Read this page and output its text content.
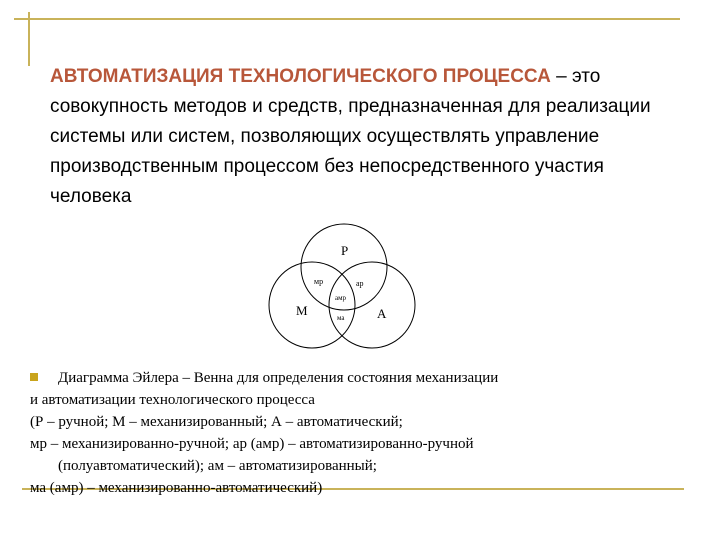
АВТОМАТИЗАЦИЯ ТЕХНОЛОГИЧЕСКОГО ПРОЦЕССА – это совокупность методов и средств, предназначенная для реализации системы или систем, позволяющих осуществлять управление производственным процессом без непосредственного участия человека
Р
М	А
мр	ар
амр
ма
Диаграмма Эйлера – Венна для определения состояния механизации
и автоматизации технологического процесса
(Р – ручной; М – механизированный; А – автоматический;
мр – механизированно-ручной; ар (амр) – автоматизированно-ручной
(полуавтоматический); ам – автоматизированный;
ма (амр) – механизированно-автоматический)
